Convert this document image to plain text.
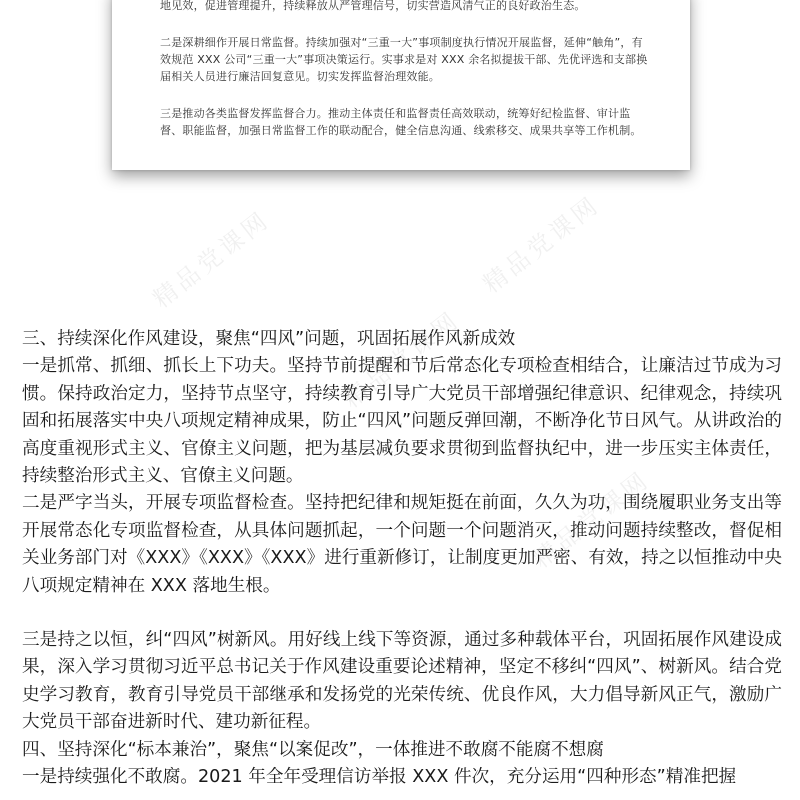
地见效，促进管理提升，持续释放从严管理信号，切实营造风清气正的良好政治生态。

二是深耕细作开展日常监督。持续加强对“三重一大”事项制度执行情况开展监督，延伸“触角”，有效规范 XXX 公司“三重一大”事项决策运行。实事求是对 XXX 余名拟提拔干部、先优评选和支部换届相关人员进行廉洁回复意见。切实发挥监督治理效能。

三是推动各类监督发挥监督合力。推动主体责任和监督责任高效联动，统筹好纪检监督、审计监督、职能监督，加强日常监督工作的联动配合，健全信息沟通、线索移交、成果共享等工作机制。

精品党课网	精品党课网
精品党课网
精品党课网

三、持续深化作风建设，聚焦“四风”问题，巩固拓展作风新成效

一是抓常、抓细、抓长上下功夫。坚持节前提醒和节后常态化专项检查相结合，让廉洁过节成为习惯。保持政治定力，坚持节点坚守，持续教育引导广大党员干部增强纪律意识、纪律观念，持续巩固和拓展落实中央八项规定精神成果，防止“四风”问题反弹回潮，不断净化节日风气。从讲政治的高度重视形式主义、官僚主义问题，把为基层减负要求贯彻到监督执纪中，进一步压实主体责任，持续整治形式主义、官僚主义问题。

二是严字当头，开展专项监督检查。坚持把纪律和规矩挺在前面，久久为功，围绕履职业务支出等开展常态化专项监督检查，从具体问题抓起，一个问题一个问题消灭，推动问题持续整改，督促相关业务部门对《XXX》《XXX》《XXX》进行重新修订，让制度更加严密、有效，持之以恒推动中央八项规定精神在 XXX 落地生根。

三是持之以恒，纠“四风”树新风。用好线上线下等资源，通过多种载体平台，巩固拓展作风建设成果，深入学习贯彻习近平总书记关于作风建设重要论述精神，坚定不移纠“四风”、树新风。结合党史学习教育，教育引导党员干部继承和发扬党的光荣传统、优良作风，大力倡导新风正气，激励广大党员干部奋进新时代、建功新征程。

四、坚持深化“标本兼治”，聚焦“以案促改”，一体推进不敢腐不能腐不想腐

一是持续强化不敢腐。2021 年全年受理信访举报 XXX 件次，充分运用“四种形态”精准把握
